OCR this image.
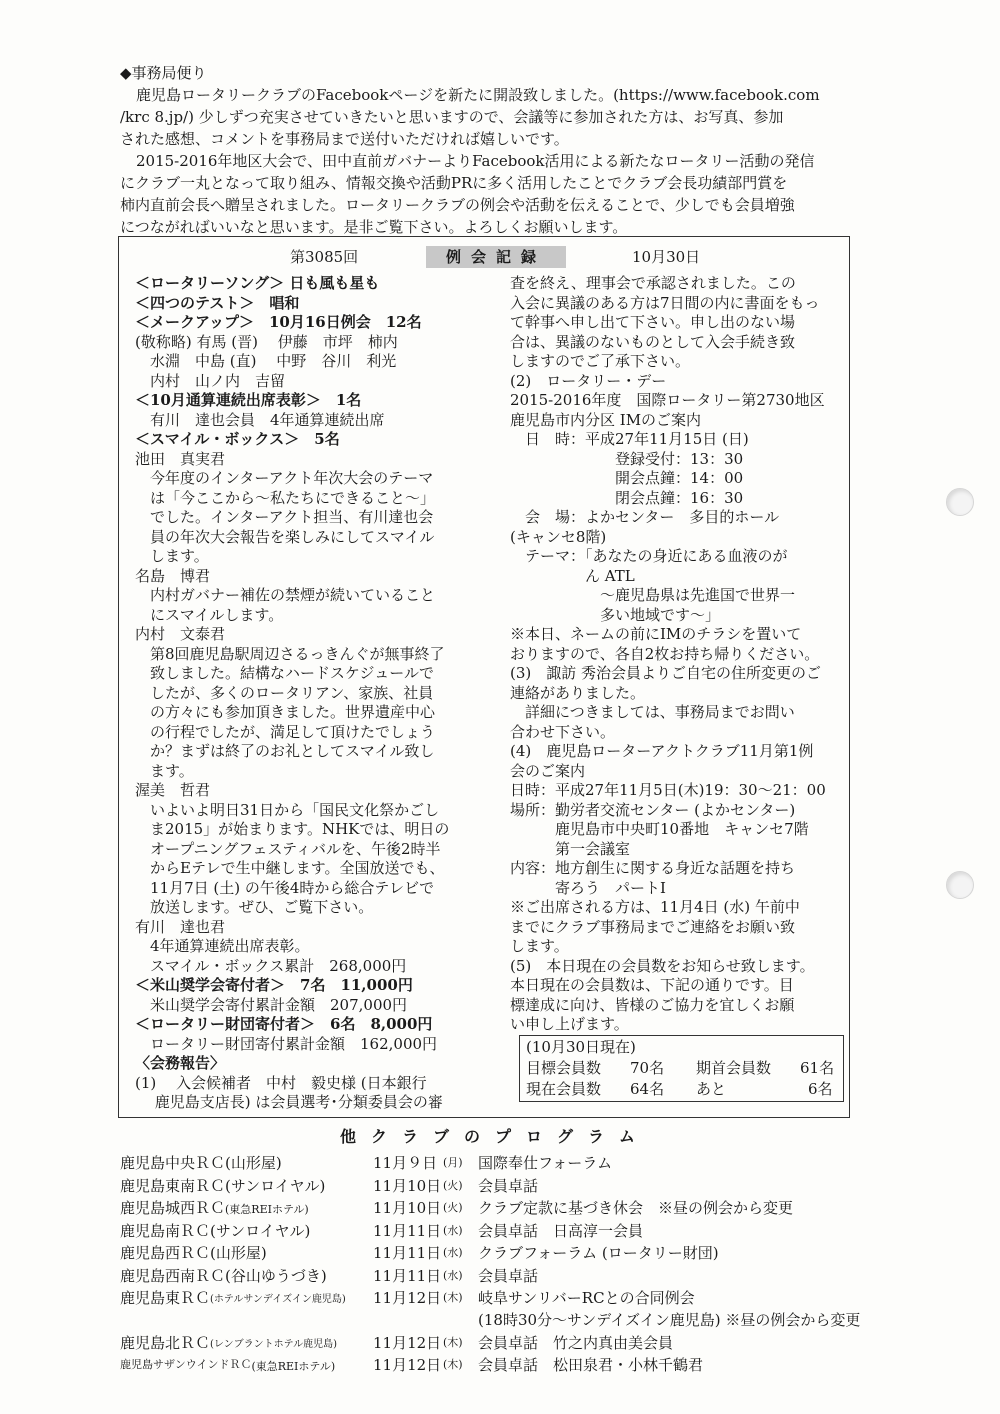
◆事務局便り
鹿児島ロータリークラブのFacebookページを新たに開設致しました。(https://www.facebook.com
/krc 8.jp/) 少しずつ充実させていきたいと思いますので、会議等に参加された方は、お写真、参加
された感想、コメントを事務局まで送付いただければ嬉しいです。
2015-2016年地区大会で、田中直前ガバナーよりFacebook活用による新たなロータリー活動の発信
にクラブ一丸となって取り組み、情報交換や活動PRに多く活用したことでクラブ会長功績部門賞を
柿内直前会長へ贈呈されました。ロータリークラブの例会や活動を伝えることで、少しでも会員増強
につながればいいなと思います。是非ご覧下さい。よろしくお願いします。
第3085回	例会記録	10月30日
＜ロータリーソング＞ 日も風も星も
＜四つのテスト＞　唱和
＜メークアップ＞　10月16日例会　12名
(敬称略) 有馬 (晋)　 伊藤　市坪　柿内
　水淵　中島 (直)　 中野　谷川　利光
　内村　山ノ内　吉留
＜10月通算連続出席表彰＞　1名
　有川　達也会員　4年通算連続出席
＜スマイル・ボックス＞　5名
池田　真実君
　今年度のインターアクト年次大会のテーマ
　は「今ここから～私たちにできること～」
　でした。インターアクト担当、有川達也会
　員の年次大会報告を楽しみにしてスマイル
　します。
名島　博君
　内村ガバナー補佐の禁煙が続いていること
　にスマイルします。
内村　文泰君
　第8回鹿児島駅周辺さるっきんぐが無事終了
　致しました。結構なハードスケジュールで
　したが、多くのロータリアン、家族、社員
　の方々にも参加頂きました。世界遺産中心
　の行程でしたが、満足して頂けたでしょう
　か？まずは終了のお礼としてスマイル致し
　ます。
渥美　哲君
　いよいよ明日31日から「国民文化祭かごし
　ま2015」が始まります。NHKでは、明日の
　オープニングフェスティバルを、午後2時半
　からEテレで生中継します。全国放送でも、
　11月7日 (土) の午後4時から総合テレビで
　放送します。ぜひ、ご覧下さい。
有川　達也君
　4年通算連続出席表彰。
　スマイル・ボックス累計　268,000円
＜米山奨学会寄付者＞　7名　11,000円
　米山奨学会寄付累計金額　207,000円
＜ロータリー財団寄付者＞　6名　8,000円
　ロータリー財団寄付累計金額　162,000円
〈会務報告〉
(1)　 入会候補者　中村　毅史様 (日本銀行
　 鹿児島支店長) は会員選考･分類委員会の審
査を終え、理事会で承認されました。この
入会に異議のある方は7日間の内に書面をもっ
て幹事へ申し出て下さい。申し出のない場
合は、異議のないものとして入会手続き致
しますのでご了承下さい。
(2)　ロータリー・デー
2015-2016年度　国際ロータリー第2730地区
鹿児島市内分区 IMのご案内
　日　時：平成27年11月15日 (日)
　　　　　　　登録受付：13：30
　　　　　　　開会点鐘：14：00
　　　　　　　閉会点鐘：16：30
　会　場：よかセンター　多目的ホール
(キャンセ8階)
　テーマ：「あなたの身近にある血液のが
　　　　　ん ATL
　　　　　　～鹿児島県は先進国で世界一
　　　　　　多い地域です～」
※本日、ネームの前にIMのチラシを置いて
おりますので、各自2枚お持ち帰りください。
(3)　諏訪 秀治会員よりご自宅の住所変更のご
連絡がありました。
　詳細につきましては、事務局までお問い
合わせ下さい。
(4)　鹿児島ローターアクトクラブ11月第1例
会のご案内
日時：平成27年11月5日(木)19：30～21：00
場所：勤労者交流センター (よかセンター)
　　　鹿児島市中央町10番地　キャンセ7階
　　　第一会議室
内容：地方創生に関する身近な話題を持ち
　　　寄ろう　パートⅠ
※ご出席される方は、11月4日 (水) 午前中
までにクラブ事務局までご連絡をお願い致
します。
(5)　本日現在の会員数をお知らせ致します。
本日現在の会員数は、下記の通りです。目
標達成に向け、皆様のご協力を宜しくお願
い申し上げます。
(10月30日現在)
目標会員数 70名 期首会員数 61名
現在会員数 64名 あと	6名
他クラブのプログラム
鹿児島中央ＲＣ (山形屋)	11月９日 (月) 国際奉仕フォーラム
鹿児島東南ＲＣ (サンロイヤル)	11月10日 (火) 会員卓話
鹿児島城西ＲＣ (東急REIホテル)	11月10日 (火) クラブ定款に基づき休会　※昼の例会から変更
鹿児島南ＲＣ (サンロイヤル)	11月11日 (水) 会員卓話　日高淳一会員
鹿児島西ＲＣ (山形屋)	11月11日 (水) クラブフォーラム (ロータリー財団)
鹿児島西南ＲＣ (谷山ゆうづき)	11月11日 (水) 会員卓話
鹿児島東ＲＣ (ホテルサンデイズイン鹿児島) 11月12日 (木) 岐阜サンリバーRCとの合同例会
(18時30分～サンデイズイン鹿児島) ※昼の例会から変更
鹿児島北ＲＣ (レンブラントホテル鹿児島) 11月12日 (木) 会員卓話　竹之内真由美会員
鹿児島サザンウインドＲＣ (東急REIホテル)	11月12日 (木) 会員卓話　松田泉君・小林千鶴君
